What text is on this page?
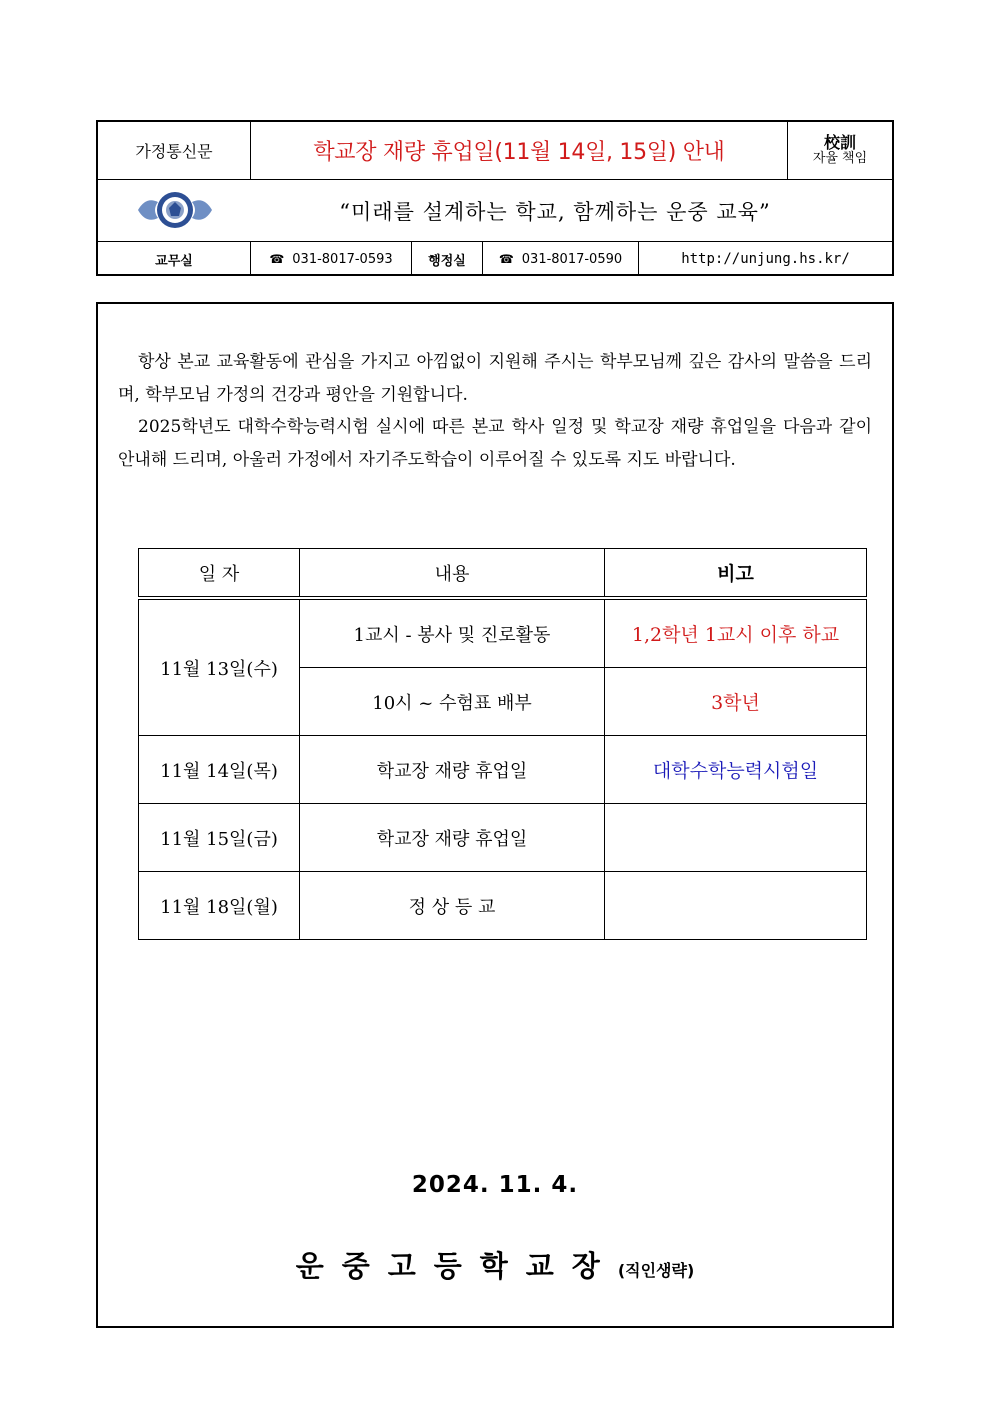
가정통신문	학교장 재량 휴업일(11월 14일, 15일) 안내	校訓
자율 책임
“미래를 설계하는 학교, 함께하는 운중 교육”
교무실	☎ 031-8017-0593	행정실	☎ 031-8017-0590	http://unjung.hs.kr/

항상 본교 교육활동에 관심을 가지고 아낌없이 지원해 주시는 학부모님께 깊은 감사의 말씀을 드리며, 학부모님 가정의 건강과 평안을 기원합니다.

2025학년도 대학수학능력시험 실시에 따른 본교 학사 일정 및 학교장 재량 휴업일을 다음과 같이 안내해 드리며, 아울러 가정에서 자기주도학습이 이루어질 수 있도록 지도 바랍니다.

일 자	내용	비고
11월 13일(수)	1교시 - 봉사 및 진로활동	1,2학년 1교시 이후 하교
	10시 ~ 수험표 배부	3학년
11월 14일(목)	학교장 재량 휴업일	대학수학능력시험일
11월 15일(금)	학교장 재량 휴업일	
11월 18일(월)	정 상 등 교	
2024. 11. 4.
운중고등학교장(직인생략)
